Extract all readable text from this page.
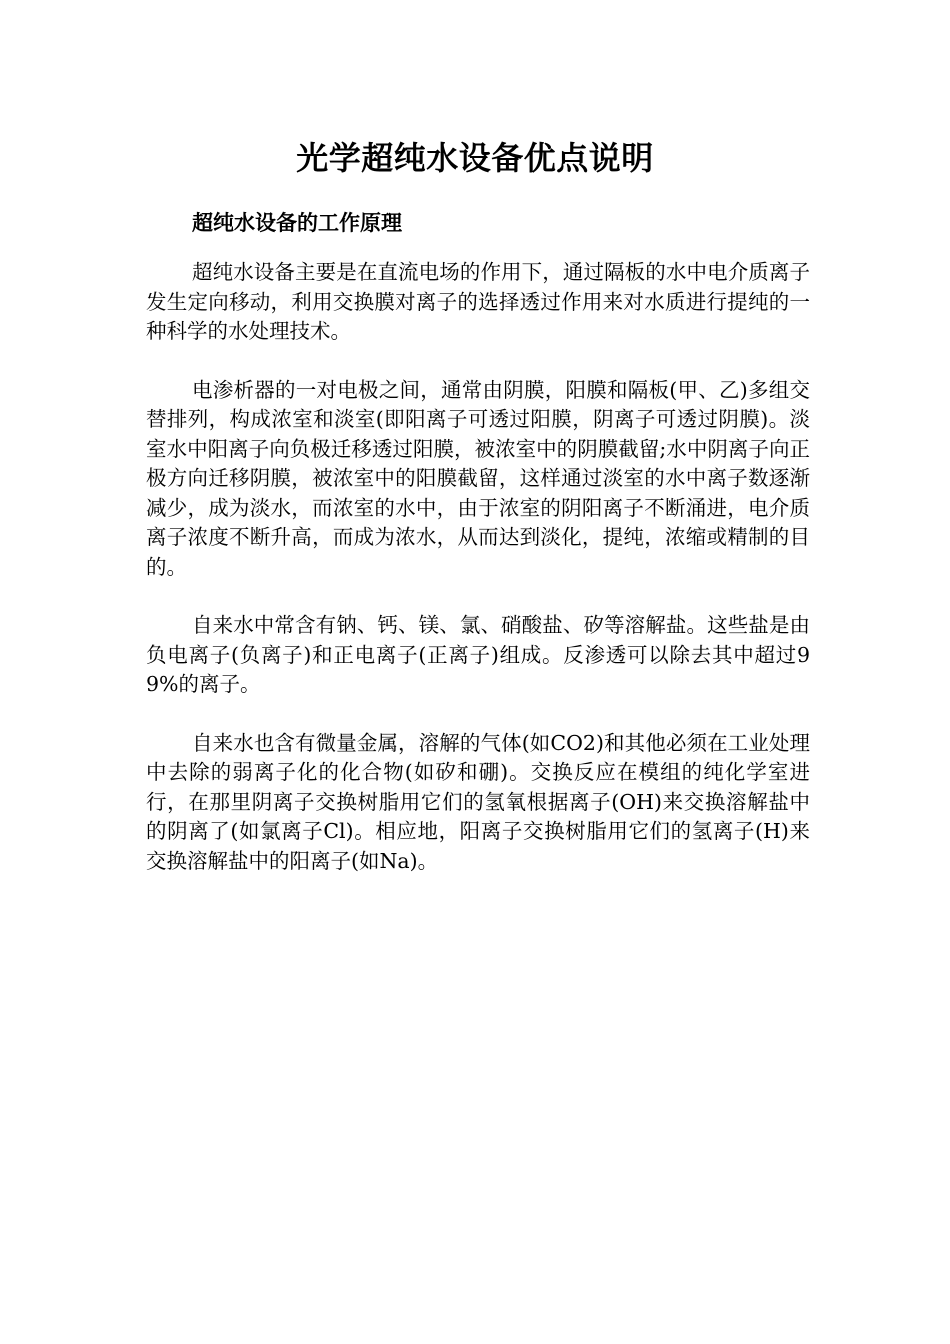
光学超纯水设备优点说明
超纯水设备的工作原理

超纯水设备主要是在直流电场的作用下，通过隔板的水中电介质离子发生定向移动，利用交换膜对离子的选择透过作用来对水质进行提纯的一种科学的水处理技术。

电渗析器的一对电极之间，通常由阴膜，阳膜和隔板(甲、乙)多组交替排列，构成浓室和淡室(即阳离子可透过阳膜，阴离子可透过阴膜)。淡室水中阳离子向负极迁移透过阳膜，被浓室中的阴膜截留;水中阴离子向正极方向迁移阴膜，被浓室中的阳膜截留，这样通过淡室的水中离子数逐渐减少，成为淡水，而浓室的水中，由于浓室的阴阳离子不断涌进，电介质离子浓度不断升高，而成为浓水，从而达到淡化，提纯，浓缩或精制的目的。

自来水中常含有钠、钙、镁、氯、硝酸盐、矽等溶解盐。这些盐是由负电离子(负离子)和正电离子(正离子)组成。反渗透可以除去其中超过99%的离子。

自来水也含有微量金属，溶解的气体(如CO2)和其他必须在工业处理中去除的弱离子化的化合物(如矽和硼)。交换反应在模组的纯化学室进行，在那里阴离子交换树脂用它们的氢氧根据离子(OH)来交换溶解盐中的阴离了(如氯离子Cl)。相应地，阳离子交换树脂用它们的氢离子(H)来交换溶解盐中的阳离子(如Na)。
